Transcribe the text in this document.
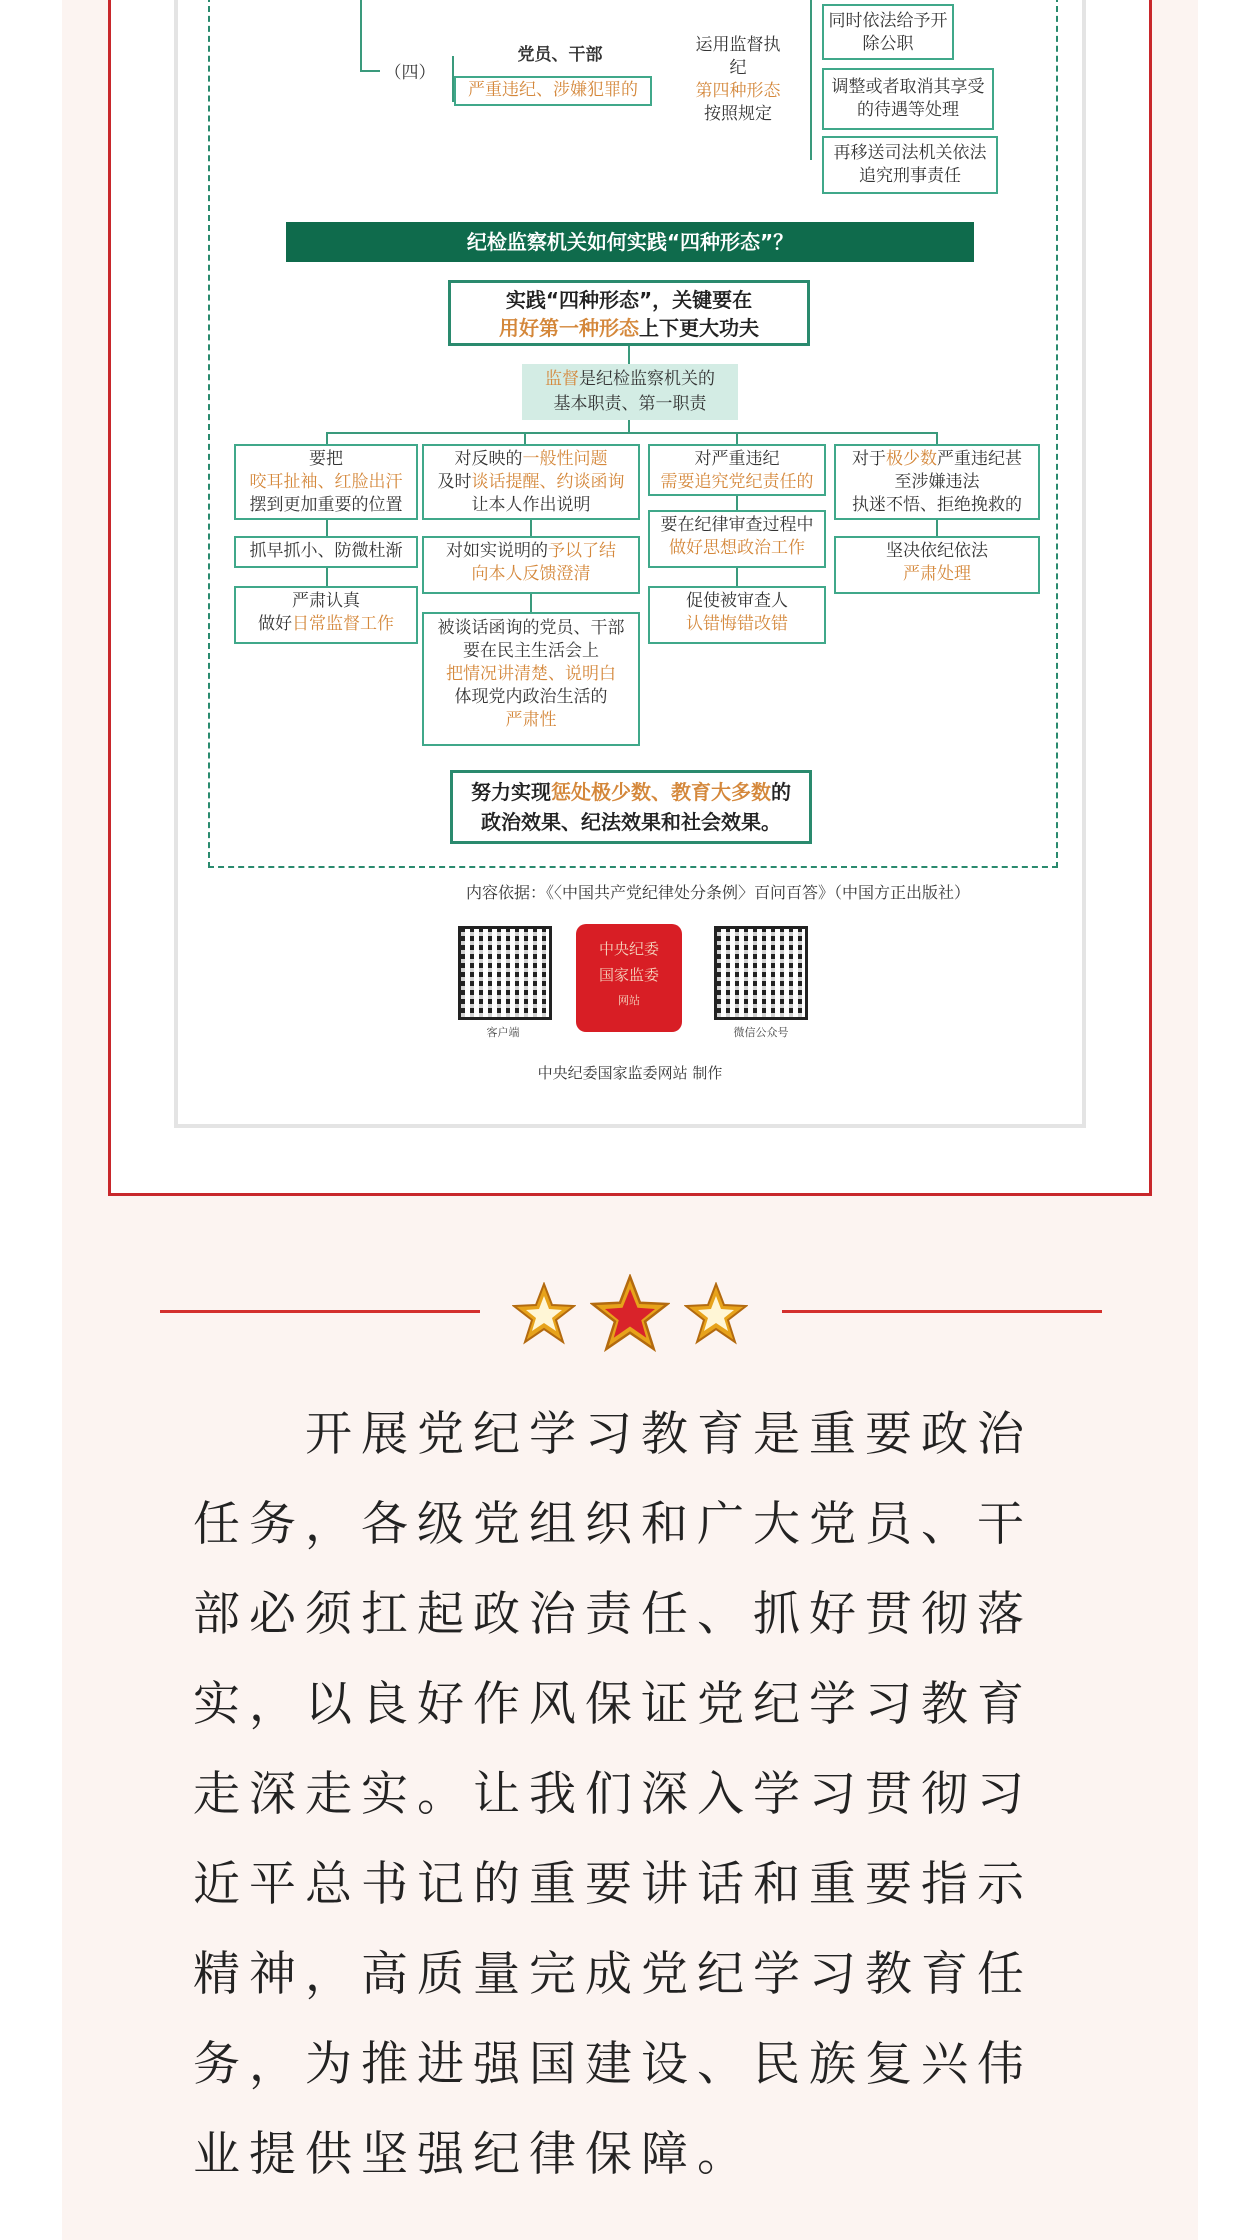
（四）
党员、干部
严重违纪、涉嫌犯罪的
运用监督执纪
第四种形态
按照规定
同时依法给予开除公职
调整或者取消其享受的待遇等处理
再移送司法机关依法追究刑事责任
纪检监察机关如何实践“四种形态”？
实践“四种形态”，关键要在
用好第一种形态上下更大功夫
监督是纪检监察机关的
基本职责、第一职责
要把
咬耳扯袖、红脸出汗
摆到更加重要的位置
抓早抓小、防微杜渐
严肃认真
做好日常监督工作
对反映的一般性问题
及时谈话提醒、约谈函询
让本人作出说明
对如实说明的予以了结
向本人反馈澄清
被谈话函询的党员、干部
要在民主生活会上
把情况讲清楚、说明白
体现党内政治生活的
严肃性
对严重违纪
需要追究党纪责任的
要在纪律审查过程中
做好思想政治工作
促使被审查人
认错悔错改错
对于极少数严重违纪甚
至涉嫌违法
执迷不悟、拒绝挽救的
坚决依纪依法
严肃处理
努力实现惩处极少数、教育大多数的
政治效果、纪法效果和社会效果。
内容依据：《〈中国共产党纪律处分条例〉百问百答》（中国方正出版社）
客户端
中央纪委
国家监委
网站
微信公众号
中央纪委国家监委网站 制作
开展党纪学习教育是重要政治任务，各级党组织和广大党员、干部必须扛起政治责任、抓好贯彻落实，以良好作风保证党纪学习教育走深走实。让我们深入学习贯彻习近平总书记的重要讲话和重要指示精神，高质量完成党纪学习教育任务，为推进强国建设、民族复兴伟业提供坚强纪律保障。
